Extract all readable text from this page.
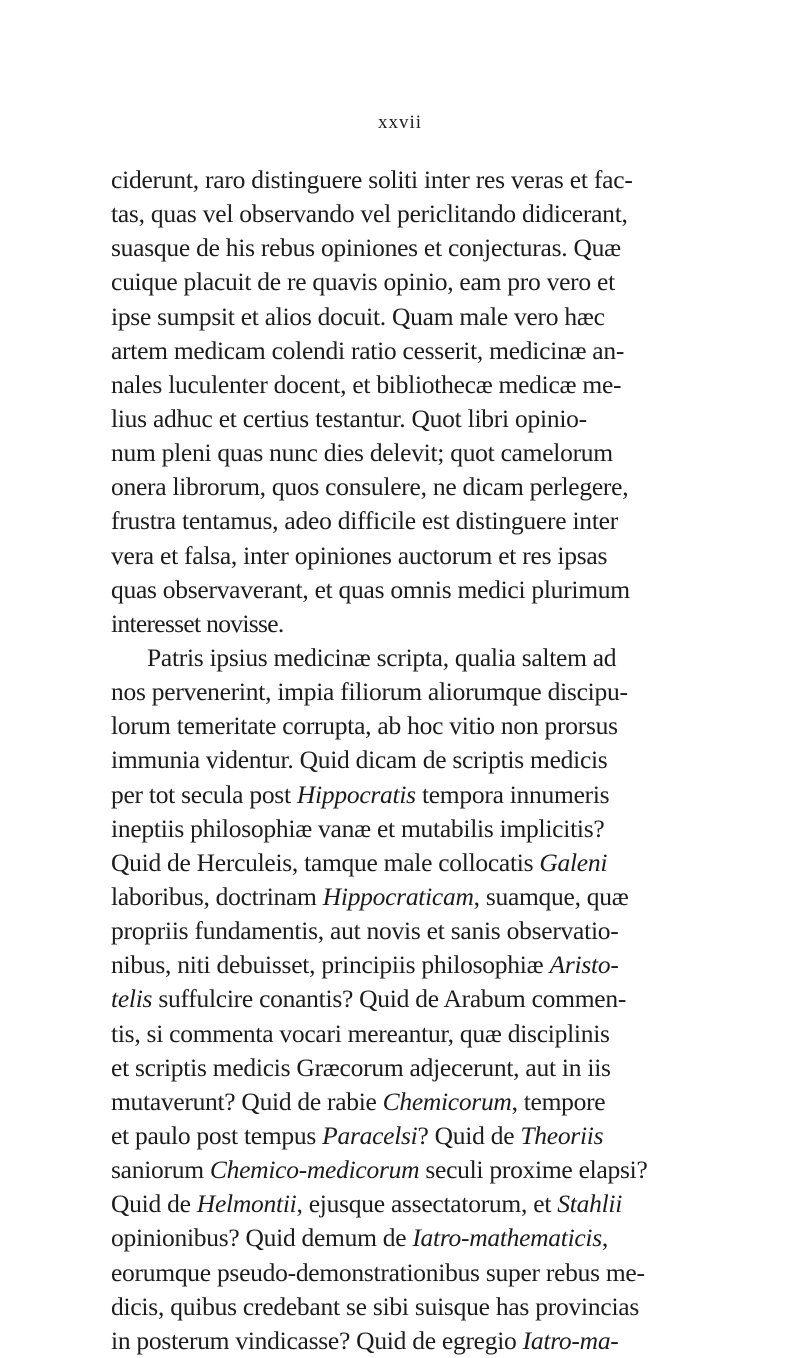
xxvii
ciderunt, raro distinguere soliti inter res veras et fac-
tas, quas vel observando vel periclitando didicerant,
suasque de his rebus opiniones et conjecturas. Quæ
cuique placuit de re quavis opinio, eam pro vero et
ipse sumpsit et alios docuit. Quam male vero hæc
artem medicam colendi ratio cesserit, medicinæ an-
nales luculenter docent, et bibliothecæ medicæ me-
lius adhuc et certius testantur. Quot libri opinio-
num pleni quas nunc dies delevit; quot camelorum
onera librorum, quos consulere, ne dicam perlegere,
frustra tentamus, adeo difficile est distinguere inter
vera et falsa, inter opiniones auctorum et res ipsas
quas observaverant, et quas omnis medici plurimum
interesset novisse.
Patris ipsius medicinæ scripta, qualia saltem ad
nos pervenerint, impia filiorum aliorumque discipu-
lorum temeritate corrupta, ab hoc vitio non prorsus
immunia videntur. Quid dicam de scriptis medicis
per tot secula post Hippocratis tempora innumeris
ineptiis philosophiæ vanæ et mutabilis implicitis?
Quid de Herculeis, tamque male collocatis Galeni
laboribus, doctrinam Hippocraticam, suamque, quæ
propriis fundamentis, aut novis et sanis observatio-
nibus, niti debuisset, principiis philosophiæ Aristo-
telis suffulcire conantis? Quid de Arabum commen-
tis, si commenta vocari mereantur, quæ disciplinis
et scriptis medicis Græcorum adjecerunt, aut in iis
mutaverunt? Quid de rabie Chemicorum, tempore
et paulo post tempus Paracelsi? Quid de Theoriis
saniorum Chemico-medicorum seculi proxime elapsi?
Quid de Helmontii, ejusque assectatorum, et Stahlii
opinionibus? Quid demum de Iatro-mathematicis,
eorumque pseudo-demonstrationibus super rebus me-
dicis, quibus credebant se sibi suisque has provincias
in posterum vindicasse? Quid de egregio Iatro-ma-
